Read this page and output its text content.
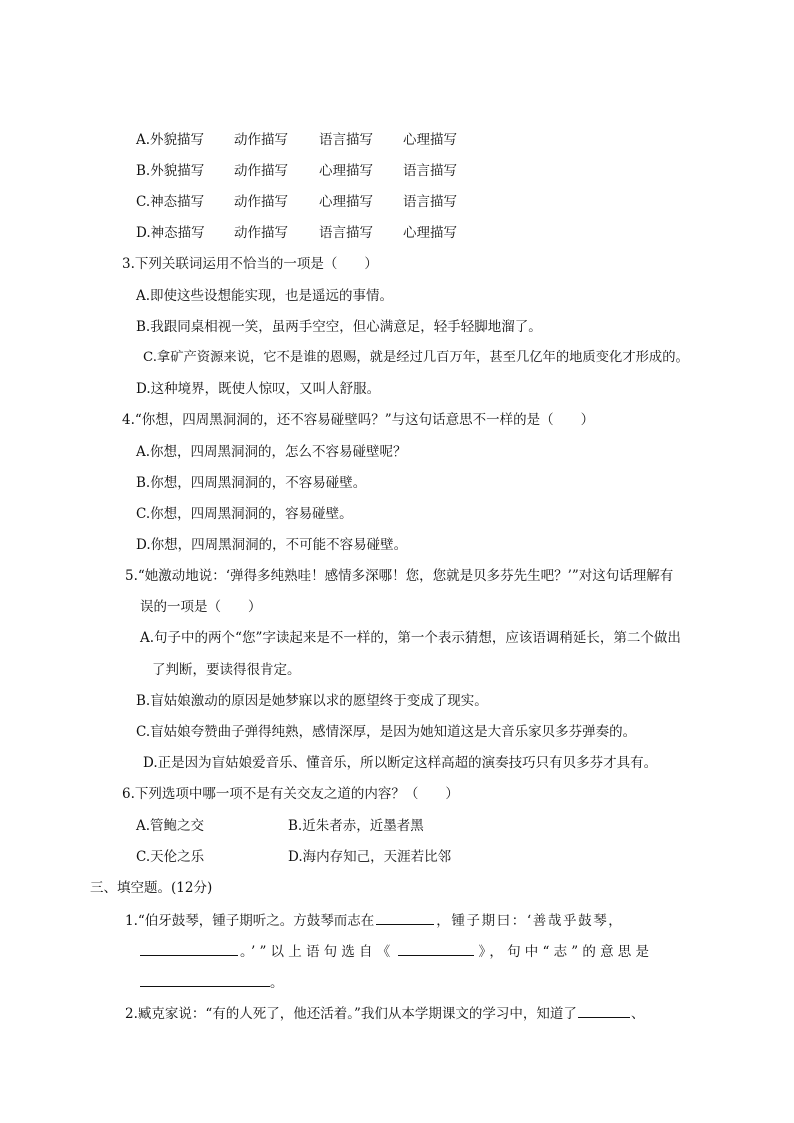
A.外貌描写 动作描写 语言描写 心理描写
B.外貌描写 动作描写 心理描写 语言描写
C.神态描写 动作描写 心理描写 语言描写
D.神态描写 动作描写 语言描写 心理描写
3.下列关联词运用不恰当的一项是（　　）
A.即使这些设想能实现，也是遥远的事情。
B.我跟同桌相视一笑，虽两手空空，但心满意足，轻手轻脚地溜了。
C.拿矿产资源来说，它不是谁的恩赐，就是经过几百万年，甚至几亿年的地质变化才形成的。
D.这种境界，既使人惊叹，又叫人舒服。
4.“你想，四周黑洞洞的，还不容易碰壁吗？”与这句话意思不一样的是（　　）
A.你想，四周黑洞洞的，怎么不容易碰壁呢？
B.你想，四周黑洞洞的，不容易碰壁。
C.你想，四周黑洞洞的，容易碰壁。
D.你想，四周黑洞洞的，不可能不容易碰壁。
5.“她激动地说：‘弹得多纯熟哇！感情多深哪！您，您就是贝多芬先生吧？’”对这句话理解有
误的一项是（　　）
A.句子中的两个“您”字读起来是不一样的，第一个表示猜想，应该语调稍延长，第二个做出
了判断，要读得很肯定。
B.盲姑娘激动的原因是她梦寐以求的愿望终于变成了现实。
C.盲姑娘夸赞曲子弹得纯熟，感情深厚，是因为她知道这是大音乐家贝多芬弹奏的。
D.正是因为盲姑娘爱音乐、懂音乐，所以断定这样高超的演奏技巧只有贝多芬才具有。
6.下列选项中哪一项不是有关交友之道的内容？（　　）
A.管鲍之交	B.近朱者赤，近墨者黑
C.天伦之乐	D.海内存知己，天涯若比邻
三、填空题。(12分)
1.“伯牙鼓琴，锺子期听之。方鼓琴而志在	，锺子期曰：‘善哉乎鼓琴，
。’”以上语句选自《	》，句中“志”的意思是
。
2.臧克家说：“有的人死了，他还活着。”我们从本学期课文的学习中，知道了	、
